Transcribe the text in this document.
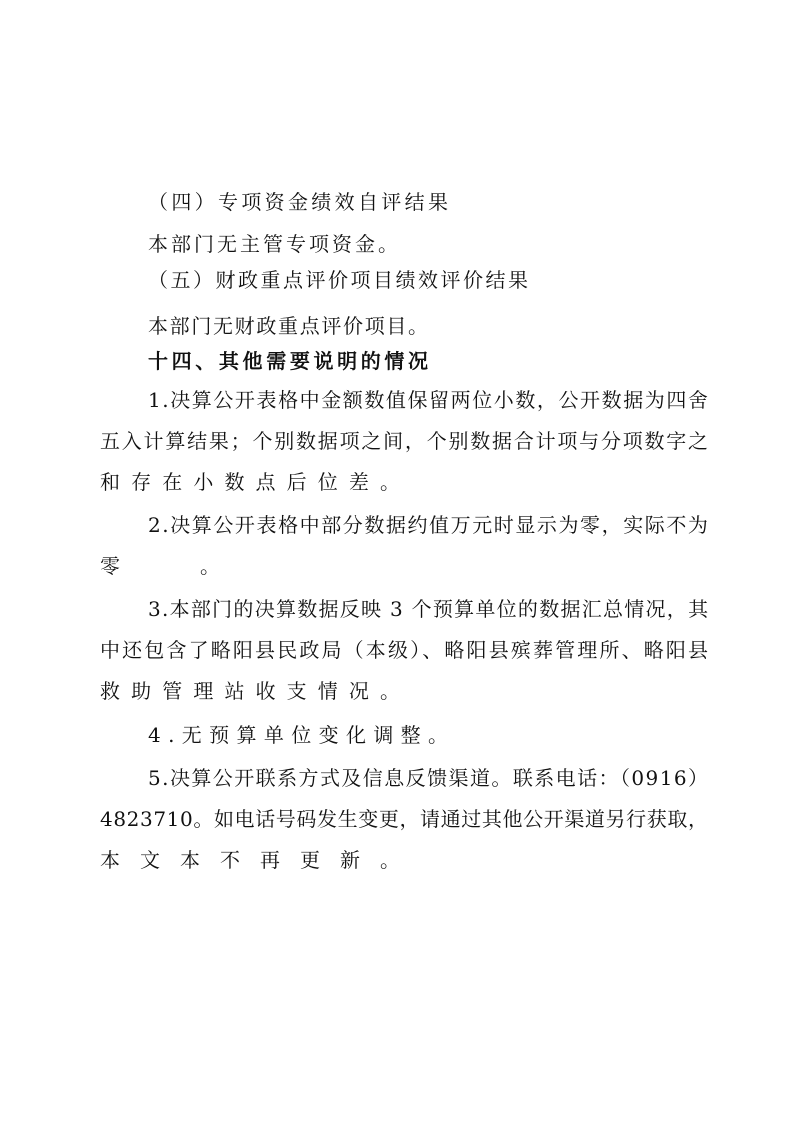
（四）专项资金绩效自评结果
本部门无主管专项资金。
（五）财政重点评价项目绩效评价结果
本部门无财政重点评价项目。
十四、其他需要说明的情况
1.决算公开表格中金额数值保留两位小数，公开数据为四舍
五入计算结果；个别数据项之间，个别数据合计项与分项数字之
和存在小数点后位差。
2.决算公开表格中部分数据约值万元时显示为零，实际不为
零。
3.本部门的决算数据反映 3 个预算单位的数据汇总情况，其
中还包含了略阳县民政局（本级）、略阳县殡葬管理所、略阳县
救助管理站收支情况。
4.无预算单位变化调整。
5.决算公开联系方式及信息反馈渠道。联系电话：（0916）
4823710。如电话号码发生变更，请通过其他公开渠道另行获取，
本文本不再更新。
